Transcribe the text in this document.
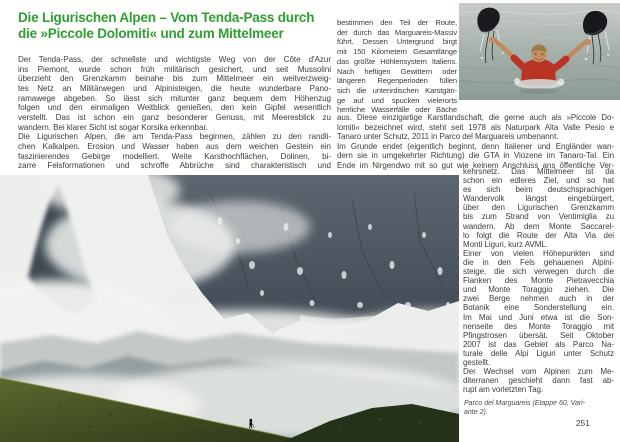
Die Ligurischen Alpen – Vom Tenda-Pass durch
die »Piccole Dolomiti« und zum Mittelmeer
Der Tenda-Pass, der schnellste und wichtigste Weg von der Côte d'Azur
ins Piemont, wurde schon früh militärisch gesichert, und seit Mussolini
überzieht den Grenzkamm beinahe bis zum Mittelmeer ein weitverzweig-
tes Netz an Militärwegen und Alpinisteigen, die heute wunderbare Pano-
ramawege abgeben. So lässt sich mitunter ganz bequem dem Höhenzug
folgen und den einmaligen Weitblick genießen, den kein Gipfel wesentlich
verstellt. Das ist schon ein ganz besonderer Genuss, mit Meeresblick zu
wandern. Bei klarer Sicht ist sogar Korsika erkennbar.
Die Ligurischen Alpen, die am Tenda-Pass beginnen, zählen zu den randli-
chen Kalkalpen. Erosion und Wasser haben aus dem weichen Gestein ein
faszinierendes Gebirge modelliert. Weite Karsthochflächen, Dolinen, bi-
zarre Felsformationen und schroffe Abbrüche sind charakteristisch und
bestimmen den Teil der Route,
der durch das Marguareis-Massiv
führt. Dessen Untergrund birgt
mit 150 Kilometern Gesamtlänge
das größte Höhlensystem Italiens.
Nach heftigen Gewittern oder
längeren Regenperioden füllen
sich die unterirdischen Karstgän-
ge auf und spucken vielerorts
herrliche Wasserfälle oder Bäche
aus. Diese einzigartige Karstlandschaft, die gerne auch als »Piccole Do-
lomiti« bezeichnet wird, steht seit 1978 als Naturpark Alta Valle Pesio e
Tanaro unter Schutz, 2011 in Parco del Marguareis umbenannt.
Im Grunde endet (eigentlich beginnt, denn Italiener und Engländer wan-
dern sie in umgekehrter Richtung) die GTA in Viozene im Tanaro-Tal. Ein
Ende im Nirgendwo mit so gut wie keinem Anschluss ans öffentliche Ver-
kehrsnetz. Das Mittelmeer ist da
schon ein edleres Ziel, und so hat
es sich beim deutschsprachigen
Wandervolk längst eingebürgert,
über den Ligurischen Grenzkamm
bis zum Strand von Ventimiglia zu
wandern. Ab dem Monte Saccarel-
lo folgt die Route der Alta Via dei
Monti Liguri, kurz AVML.
Einer von vielen Höhepunkten sind
die in den Fels gehauenen Alpini-
steige, die sich verwegen durch die
Flanken des Monte Pietravecchia
und Monte Toraggio ziehen. Die
zwei Berge nehmen auch in der
Botanik eine Sonderstellung ein.
Im Mai und Juni etwa ist die Son-
nenseite des Monte Toraggio mit
Pfingstrosen übersät. Seit Oktober
2007 ist das Gebiet als Parco Na-
turale delle Alpi Liguri unter Schutz
gestellt.
Der Wechsel vom Alpinen zum Me-
diterranen geschieht dann fast ab-
rupt am vorletzten Tag.
Parco del Marguareis (Etappe 60, Vari-
ante 2).
251
